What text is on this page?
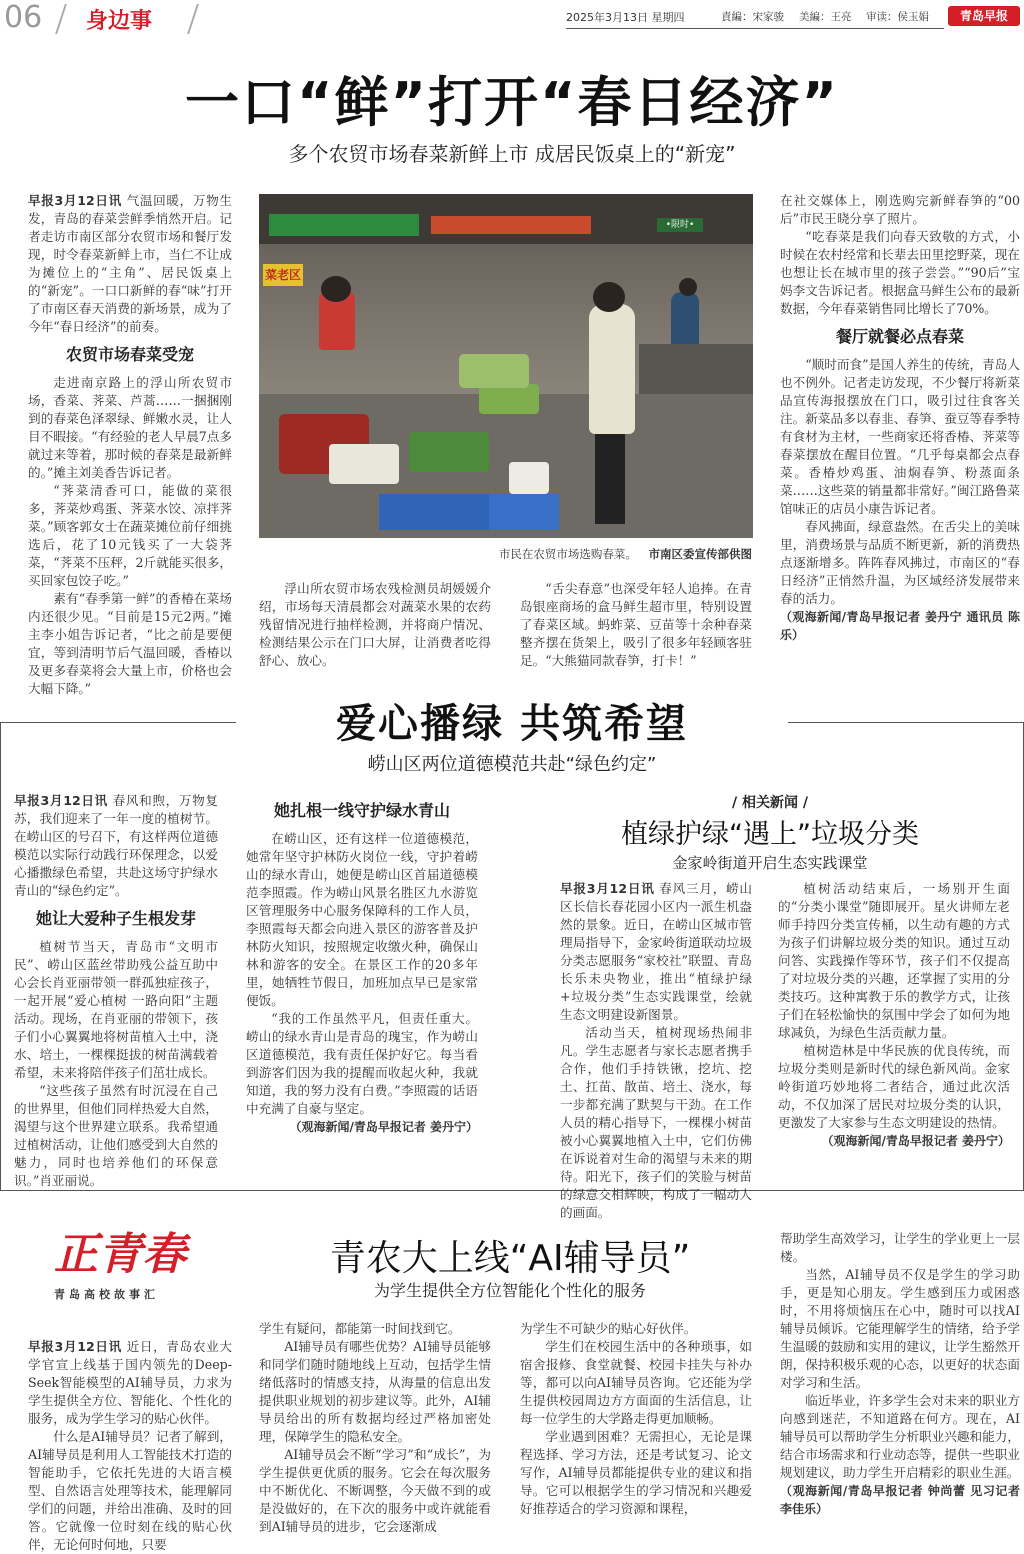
06 身边事	2025年3月13日 星期四	責編：宋家骏 美編：王亮 审读：侯玉娟	青岛早报
一口“鲜”打开“春日经济”
多个农贸市场春菜新鲜上市 成居民饭桌上的“新宠”

早报3月12日讯 气温回暖，万物生发，青岛的春菜尝鲜季悄然开启。记者走访市南区部分农贸市场和餐厅发现，时令春菜新鲜上市，当仁不让成为摊位上的“主角”、居民饭桌上的“新宠”。一口口新鲜的春“味”打开了市南区春天消费的新场景，成为了今年“春日经济”的前奏。

农贸市场春菜受宠

走进南京路上的浮山所农贸市场，香菜、荠菜、芦蒿……一捆捆刚到的春菜色泽翠绿、鲜嫩水灵，让人目不暇接。“有经验的老人早晨7点多就过来等着，那时候的春菜是最新鲜的。”摊主刘美香告诉记者。

“荠菜清香可口，能做的菜很多，荠菜炒鸡蛋、荠菜水饺、凉拌荠菜。”顾客郭女士在蔬菜摊位前仔细挑选后，花了10元钱买了一大袋荠菜，“荠菜不压秤，2斤就能买很多，买回家包饺子吃。”

素有“春季第一鲜”的香椿在菜场内还很少见。“目前是15元2两。”摊主李小姐告诉记者，“比之前是要便宜，等到清明节后气温回暖，香椿以及更多春菜将会大量上市，价格也会大幅下降。”

菜老区
•限时•
市民在农贸市场选购春菜。 市南区委宣传部供图

浮山所农贸市场农残检测员胡媛媛介绍，市场每天清晨都会对蔬菜水果的农药残留情况进行抽样检测，并将商户情况、检测结果公示在门口大屏，让消费者吃得舒心、放心。

“舌尖春意”也深受年轻人追捧。在青岛银座商场的盒马鲜生超市里，特别设置了春菜区域。蚂蚱菜、豆苗等十余种春菜整齐摆在货架上，吸引了很多年轻顾客驻足。“大熊猫同款春笋，打卡！”

在社交媒体上，刚选购完新鲜春笋的“00后”市民王晓分享了照片。

“吃春菜是我们向春天致敬的方式，小时候在农村经常和长辈去田里挖野菜，现在也想让长在城市里的孩子尝尝。”“90后”宝妈李文告诉记者。根据盒马鲜生公布的最新数据，今年春菜销售同比增长了70%。

餐厅就餐必点春菜

“顺时而食”是国人养生的传统，青岛人也不例外。记者走访发现，不少餐厅将新菜品宣传海报摆放在门口，吸引过往食客关注。新菜品多以春韭、春笋、蚕豆等春季特有食材为主材，一些商家还将香椿、荠菜等春菜摆放在醒目位置。“几乎每桌都会点春菜。香椿炒鸡蛋、油焖春笋、粉蒸面条菜……这些菜的销量都非常好。”闽江路鲁菜馆味正的店员小康告诉记者。

春风拂面，绿意盎然。在舌尖上的美味里，消费场景与品质不断更新，新的消费热点逐渐增多。阵阵春风拂过，市南区的“春日经济”正悄然升温，为区域经济发展带来春的活力。

（观海新闻/青岛早报记者 姜丹宁 通讯员 陈乐）

爱心播绿 共筑希望
崂山区两位道德模范共赴“绿色约定”

早报3月12日讯 春风和煦，万物复苏，我们迎来了一年一度的植树节。在崂山区的号召下，有这样两位道德模范以实际行动践行环保理念，以爱心播撒绿色希望，共赴这场守护绿水青山的“绿色约定”。

她让大爱种子生根发芽

植树节当天，青岛市“文明市民”、崂山区蓝丝带助残公益互助中心会长肖亚丽带领一群孤独症孩子，一起开展“爱心植树 一路向阳”主题活动。现场，在肖亚丽的带领下，孩子们小心翼翼地将树苗植入土中，浇水、培土，一棵棵挺拔的树苗满载着希望，未来将陪伴孩子们茁壮成长。

“这些孩子虽然有时沉浸在自己的世界里，但他们同样热爱大自然，渴望与这个世界建立联系。我希望通过植树活动，让他们感受到大自然的魅力，同时也培养他们的环保意识。”肖亚丽说。

她扎根一线守护绿水青山

在崂山区，还有这样一位道德模范，她常年坚守护林防火岗位一线，守护着崂山的绿水青山，她便是崂山区首届道德模范李照霞。作为崂山风景名胜区九水游览区管理服务中心服务保障科的工作人员，李照霞每天都会向进入景区的游客普及护林防火知识，按照规定收缴火种，确保山林和游客的安全。在景区工作的20多年里，她牺牲节假日，加班加点早已是家常便饭。

“我的工作虽然平凡，但责任重大。崂山的绿水青山是青岛的瑰宝，作为崂山区道德模范，我有责任保护好它。每当看到游客们因为我的提醒而收起火种，我就知道，我的努力没有白费。”李照霞的话语中充满了自豪与坚定。

（观海新闻/青岛早报记者 姜丹宁）

/ 相关新闻 /
植绿护绿“遇上”垃圾分类
金家岭街道开启生态实践课堂

早报3月12日讯 春风三月，崂山区长信长春花园小区内一派生机盎然的景象。近日，在崂山区城市管理局指导下，金家岭街道联动垃圾分类志愿服务“家校社”联盟、青岛长乐未央物业，推出“植绿护绿+垃圾分类”生态实践课堂，绘就生态文明建设新图景。

活动当天，植树现场热闹非凡。学生志愿者与家长志愿者携手合作，他们手持铁锹，挖坑、挖土、扛苗、散苗、培土、浇水，每一步都充满了默契与干劲。在工作人员的精心指导下，一棵棵小树苗被小心翼翼地植入土中，它们仿佛在诉说着对生命的渴望与未来的期待。阳光下，孩子们的笑脸与树苗的绿意交相辉映，构成了一幅动人的画面。

植树活动结束后，一场别开生面的“分类小课堂”随即展开。星火讲师左老师手持四分类宣传桶，以生动有趣的方式为孩子们讲解垃圾分类的知识。通过互动问答、实践操作等环节，孩子们不仅提高了对垃圾分类的兴趣，还掌握了实用的分类技巧。这种寓教于乐的教学方式，让孩子们在轻松愉快的氛围中学会了如何为地球减负，为绿色生活贡献力量。

植树造林是中华民族的优良传统，而垃圾分类则是新时代的绿色新风尚。金家岭街道巧妙地将二者结合，通过此次活动，不仅加深了居民对垃圾分类的认识，更激发了大家参与生态文明建设的热情。

（观海新闻/青岛早报记者 姜丹宁）

正青春
青岛高校故事汇
青农大上线“AI辅导员”
为学生提供全方位智能化个性化的服务

早报3月12日讯 近日，青岛农业大学官宣上线基于国内领先的Deep-Seek智能模型的AI辅导员，力求为学生提供全方位、智能化、个性化的服务，成为学生学习的贴心伙伴。

什么是AI辅导员？记者了解到，AI辅导员是利用人工智能技术打造的智能助手，它依托先进的大语言模型、自然语言处理等技术，能理解同学们的问题，并给出准确、及时的回答。它就像一位时刻在线的贴心伙伴，无论何时何地，只要

学生有疑问，都能第一时间找到它。

AI辅导员有哪些优势？AI辅导员能够和同学们随时随地线上互动，包括学生情绪低落时的情感支持，从海量的信息出发提供职业规划的初步建议等。此外，AI辅导员给出的所有数据均经过严格加密处理，保障学生的隐私安全。

AI辅导员会不断“学习”和“成长”，为学生提供更优质的服务。它会在每次服务中不断优化、不断调整，今天做不到的或是没做好的，在下次的服务中或许就能看到AI辅导员的进步，它会逐渐成

为学生不可缺少的贴心好伙伴。

学生们在校园生活中的各种琐事，如宿舍报修、食堂就餐、校园卡挂失与补办等，都可以向AI辅导员咨询。它还能为学生提供校园周边方方面面的生活信息，让每一位学生的大学路走得更加顺畅。

学业遇到困难？无需担心，无论是课程选择、学习方法，还是考试复习、论文写作，AI辅导员都能提供专业的建议和指导。它可以根据学生的学习情况和兴趣爱好推荐适合的学习资源和课程，

帮助学生高效学习，让学生的学业更上一层楼。

当然，AI辅导员不仅是学生的学习助手，更是知心朋友。学生感到压力或困惑时，不用将烦恼压在心中，随时可以找AI辅导员倾诉。它能理解学生的情绪，给予学生温暖的鼓励和实用的建议，让学生豁然开朗，保持积极乐观的心态，以更好的状态面对学习和生活。

临近毕业，许多学生会对未来的职业方向感到迷茫，不知道路在何方。现在，AI辅导员可以帮助学生分析职业兴趣和能力，结合市场需求和行业动态等，提供一些职业规划建议，助力学生开启精彩的职业生涯。

（观海新闻/青岛早报记者 钟尚蕾 见习记者 李佳乐）
